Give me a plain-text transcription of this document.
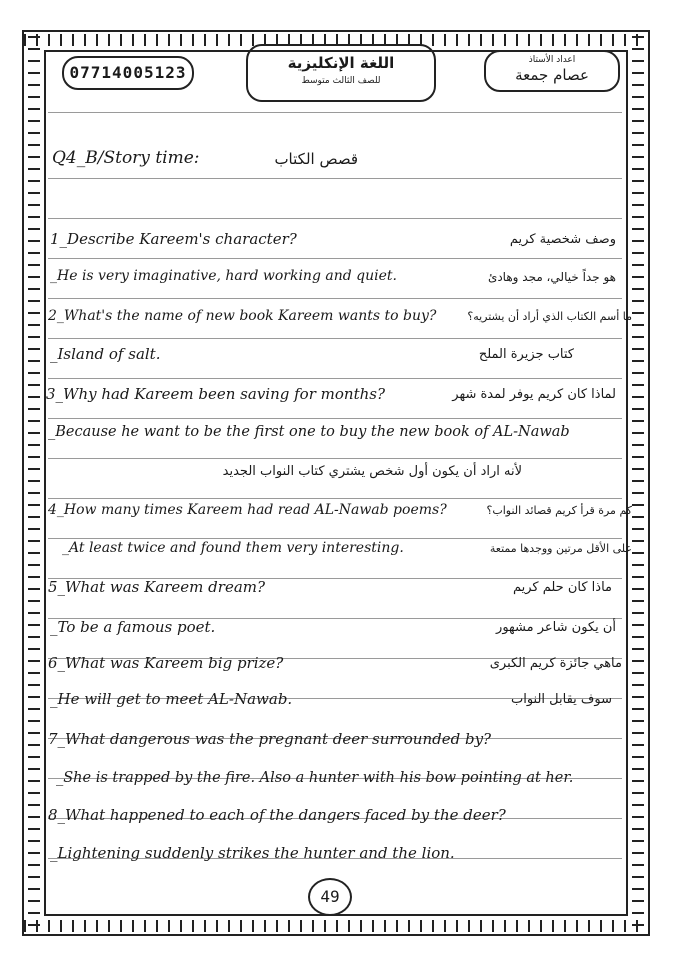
07714005123	اللغة الإنكليزية
للصف الثالث متوسط
اعداد الأستاذ
عصام جمعة
Q4_B/Story time:	قصص الكتاب
1_Describe Kareem's character?	وصف شخصية كريم
_He is very imaginative, hard working and quiet.	هو جداً خيالي، مجد وهادئ
2_What's the name of new book Kareem wants to buy?	ما أسم الكتاب الذي أراد أن يشتريه؟
_Island of salt.	كتاب جزيرة الملح
3_Why had Kareem been saving for months?	لماذا كان كريم يوفر لمدة شهر
_Because he want to be the first one to buy the new book of AL-Nawab
لأنه اراد أن يكون أول شخص يشتري كتاب النواب الجديد
4_How many times Kareem had read AL-Nawab poems?	كم مرة قرأ كريم قصائد النواب؟
_At least twice and found them very interesting.	على الأقل مرتين ووجدها ممتعة
5_What was Kareem dream?	ماذا كان حلم كريم
_To be a famous poet.	أن يكون شاعر مشهور
6_What was Kareem big prize?	ماهي جائزة كريم الكبرى
_He will get to meet AL-Nawab.	سوف يقابل النواب
7_What dangerous was the pregnant deer surrounded by?
_She is trapped by the fire. Also a hunter with his bow pointing at her.
8_What happened to each of the dangers faced by the deer?
_Lightening suddenly strikes the hunter and the lion.
49
